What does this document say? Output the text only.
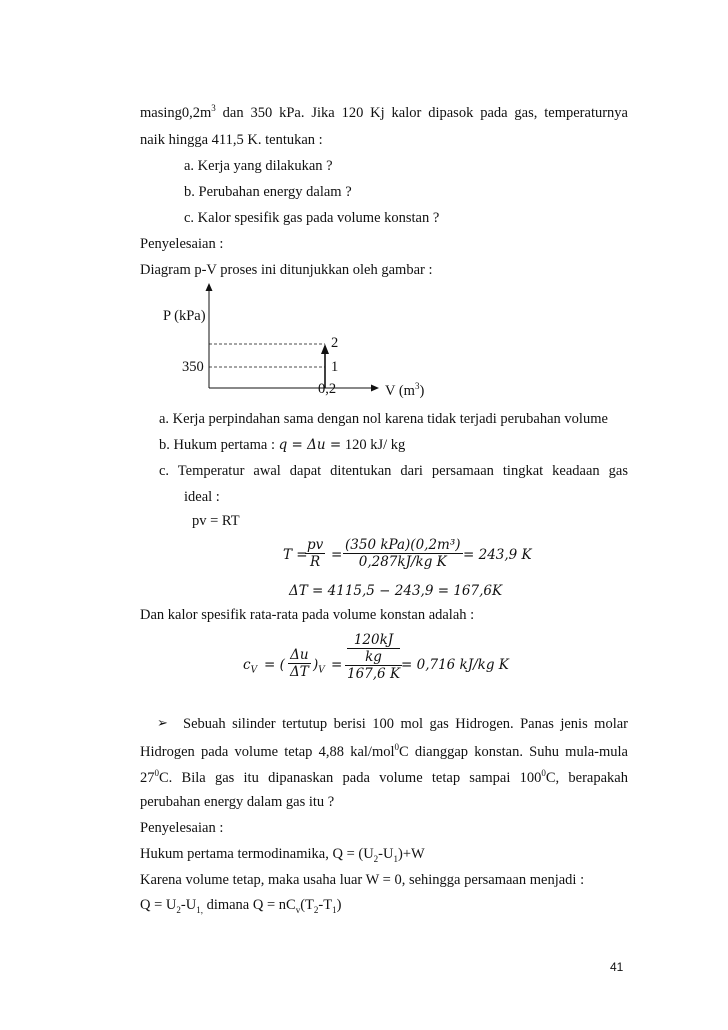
$masing0,2m^3$ dan 350 kPa. Jika 120 Kj kalor dipasok pada gas, temperaturnya
naik hingga 411,5 K. tentukan :
a. Kerja yang dilakukan ?
b. Perubahan energy dalam ?
c. Kalor spesifik gas pada volume konstan ?
Penyelesaian :
Diagram p-V proses ini ditunjukkan oleh gambar :
P (kPa)
350
2
1
0,2	V $(m^3)$
a. Kerja perpindahan sama dengan nol karena tidak terjadi perubahan volume
b. Hukum pertama : q = Δu = 120 kJ/ kg
c. Temperatur awal dapat ditentukan dari persamaan tingkat keadaan gas
ideal :
pv = RT
T =
$\frac{pv}{R}$ =
(350 kPa)(0,2m³)
0,287kJ/kg K	= 243,9 K
ΔT = 4115,5 − 243,9 = 167,6K
Dan kalor spesifik rata-rata pada volume konstan adalah :
$c_V$ = ( $\frac{\Delta u}{\Delta T} )_V = 120kJ$
kg
167,6 K
= 0,716 kJ/kg K
➢ Sebuah silinder tertutup berisi 100 mol gas Hidrogen. Panas jenis molar
Hidrogen pada volume tetap 4,88 kal/mol$^0$C dianggap konstan. Suhu mula-mula
$27^0C$. Bila gas itu dipanaskan pada volume tetap sampai $100^0C$, berapakah
perubahan energy dalam gas itu ?
Penyelesaian :
Hukum pertama termodinamika, $Q = (U_2-U_1)+W$
Karena volume tetap, maka usaha luar W = 0, sehingga persamaan menjadi :
$Q = U_2-U_{1,}$ dimana $Q = nC_v(T_2-T_1)$
41
